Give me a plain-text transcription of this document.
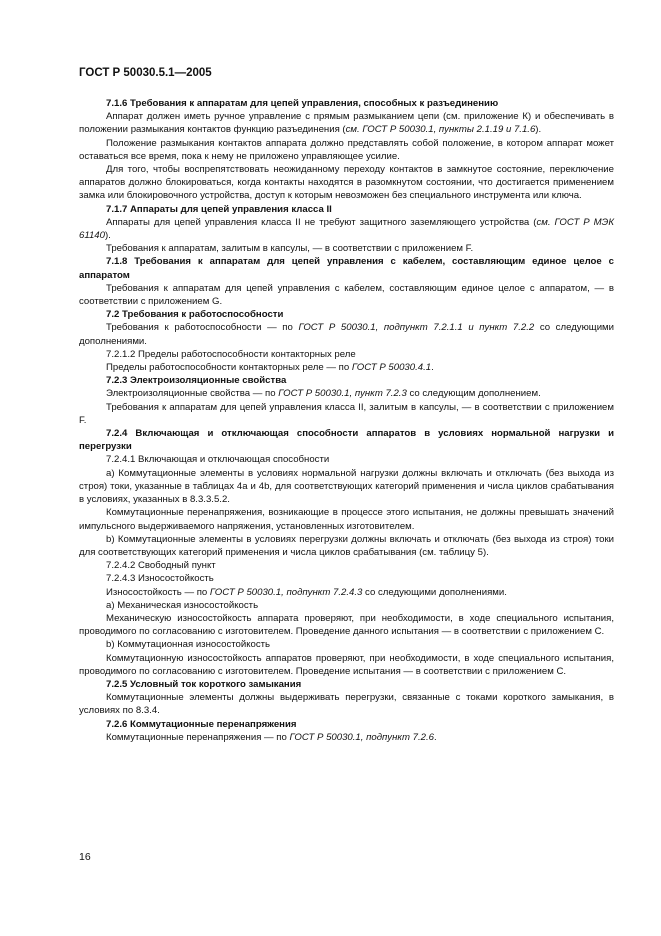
ГОСТ Р 50030.5.1—2005

7.1.6 Требования к аппаратам для цепей управления, способных к разъединению

Аппарат должен иметь ручное управление с прямым размыканием цепи (см. приложение К) и обеспечивать в положении размыкания контактов функцию разъединения (см. ГОСТ Р 50030.1, пункты 2.1.19 и 7.1.6).

Положение размыкания контактов аппарата должно представлять собой положение, в котором аппарат может оставаться все время, пока к нему не приложено управляющее усилие.

Для того, чтобы воспрепятствовать неожиданному переходу контактов в замкнутое состояние, переключение аппаратов должно блокироваться, когда контакты находятся в разомкнутом состоянии, что достигается применением замка или блокировочного устройства, доступ к которым невозможен без специального инструмента или ключа.

7.1.7 Аппараты для цепей управления класса II

Аппараты для цепей управления класса II не требуют защитного заземляющего устройства (см. ГОСТ Р МЭК 61140).

Требования к аппаратам, залитым в капсулы, — в соответствии с приложением F.

7.1.8 Требования к аппаратам для цепей управления с кабелем, составляющим единое целое с аппаратом

Требования к аппаратам для цепей управления с кабелем, составляющим единое целое с аппаратом, — в соответствии с приложением G.

7.2 Требования к работоспособности

Требования к работоспособности — по ГОСТ Р 50030.1, подпункт 7.2.1.1 и пункт 7.2.2 со следующими дополнениями.

7.2.1.2 Пределы работоспособности контакторных реле

Пределы работоспособности контакторных реле — по ГОСТ Р 50030.4.1.

7.2.3 Электроизоляционные свойства

Электроизоляционные свойства — по ГОСТ Р 50030.1, пункт 7.2.3 со следующим дополнением.

Требования к аппаратам для цепей управления класса II, залитым в капсулы, — в соответствии с приложением F.

7.2.4 Включающая и отключающая способности аппаратов в условиях нормальной нагрузки и перегрузки

7.2.4.1 Включающая и отключающая способности

a) Коммутационные элементы в условиях нормальной нагрузки должны включать и отключать (без выхода из строя) токи, указанные в таблицах 4а и 4b, для соответствующих категорий применения и числа циклов срабатывания в условиях, указанных в 8.3.3.5.2.

Коммутационные перенапряжения, возникающие в процессе этого испытания, не должны превышать значений импульсного выдерживаемого напряжения, установленных изготовителем.

b) Коммутационные элементы в условиях перегрузки должны включать и отключать (без выхода из строя) токи для соответствующих категорий применения и числа циклов срабатывания (см. таблицу 5).

7.2.4.2 Свободный пункт

7.2.4.3 Износостойкость

Износостойкость — по ГОСТ Р 50030.1, подпункт 7.2.4.3 со следующими дополнениями.

a) Механическая износостойкость

Механическую износостойкость аппарата проверяют, при необходимости, в ходе специального испытания, проводимого по согласованию с изготовителем. Проведение данного испытания — в соответствии с приложением С.

b) Коммутационная износостойкость

Коммутационную износостойкость аппаратов проверяют, при необходимости, в ходе специального испытания, проводимого по согласованию с изготовителем. Проведение испытания — в соответствии с приложением С.

7.2.5 Условный ток короткого замыкания

Коммутационные элементы должны выдерживать перегрузки, связанные с токами короткого замыкания, в условиях по 8.3.4.

7.2.6 Коммутационные перенапряжения

Коммутационные перенапряжения — по ГОСТ Р 50030.1, подпункт 7.2.6.

16
